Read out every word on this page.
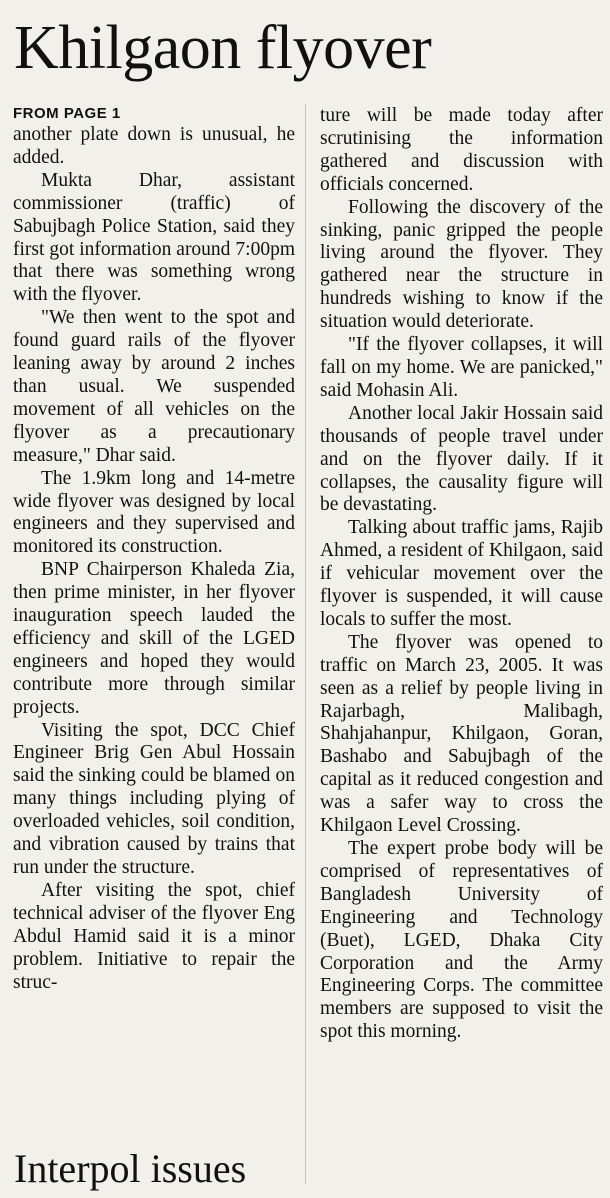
Khilgaon flyover
FROM PAGE 1

another plate down is unusual, he added.

Mukta Dhar, assistant commissioner (traffic) of Sabujbagh Police Station, said they first got information around 7:00pm that there was something wrong with the flyover.

"We then went to the spot and found guard rails of the flyover leaning away by around 2 inches than usual. We suspended movement of all vehicles on the flyover as a precautionary measure," Dhar said.

The 1.9km long and 14-metre wide flyover was designed by local engineers and they supervised and monitored its construction.

BNP Chairperson Khaleda Zia, then prime minister, in her flyover inauguration speech lauded the efficiency and skill of the LGED engineers and hoped they would contribute more through similar projects.

Visiting the spot, DCC Chief Engineer Brig Gen Abul Hossain said the sinking could be blamed on many things including plying of overloaded vehicles, soil condition, and vibration caused by trains that run under the structure.

After visiting the spot, chief technical adviser of the flyover Eng Abdul Hamid said it is a minor problem. Initiative to repair the struc-

ture will be made today after scrutinising the information gathered and discussion with officials concerned.

Following the discovery of the sinking, panic gripped the people living around the flyover. They gathered near the structure in hundreds wishing to know if the situation would deteriorate.

"If the flyover collapses, it will fall on my home. We are panicked," said Mohasin Ali.

Another local Jakir Hossain said thousands of people travel under and on the flyover daily. If it collapses, the causality figure will be devastating.

Talking about traffic jams, Rajib Ahmed, a resident of Khilgaon, said if vehicular movement over the flyover is suspended, it will cause locals to suffer the most.

The flyover was opened to traffic on March 23, 2005. It was seen as a relief by people living in Rajarbagh, Malibagh, Shahjahanpur, Khilgaon, Goran, Bashabo and Sabujbagh of the capital as it reduced congestion and was a safer way to cross the Khilgaon Level Crossing.

The expert probe body will be comprised of representatives of Bangladesh University of Engineering and Technology (Buet), LGED, Dhaka City Corporation and the Army Engineering Corps. The committee members are supposed to visit the spot this morning.

Interpol issues
